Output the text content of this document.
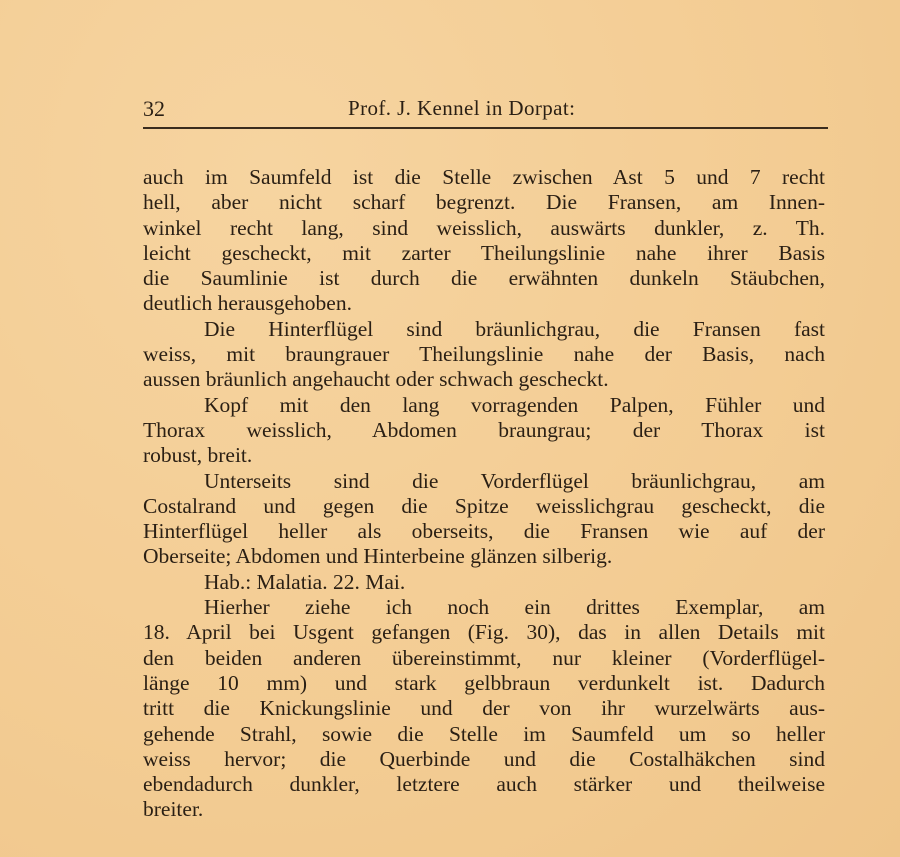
32	Prof. J. Kennel in Dorpat:
auch im Saumfeld ist die Stelle zwischen Ast 5 und 7 recht
hell, aber nicht scharf begrenzt. Die Fransen, am Innen-
winkel recht lang, sind weisslich, auswärts dunkler, z. Th.
leicht gescheckt, mit zarter Theilungslinie nahe ihrer Basis
die Saumlinie ist durch die erwähnten dunkeln Stäubchen,
deutlich herausgehoben.
Die Hinterflügel sind bräunlichgrau, die Fransen fast
weiss, mit braungrauer Theilungslinie nahe der Basis, nach
aussen bräunlich angehaucht oder schwach gescheckt.
Kopf mit den lang vorragenden Palpen, Fühler und
Thorax weisslich, Abdomen braungrau; der Thorax ist
robust, breit.
Unterseits sind die Vorderflügel bräunlichgrau, am
Costalrand und gegen die Spitze weisslichgrau gescheckt, die
Hinterflügel heller als oberseits, die Fransen wie auf der
Oberseite; Abdomen und Hinterbeine glänzen silberig.
Hab.: Malatia. 22. Mai.
Hierher ziehe ich noch ein drittes Exemplar, am
18. April bei Usgent gefangen (Fig. 30), das in allen Details mit
den beiden anderen übereinstimmt, nur kleiner (Vorderflügel-
länge 10 mm) und stark gelbbraun verdunkelt ist. Dadurch
tritt die Knickungslinie und der von ihr wurzelwärts aus-
gehende Strahl, sowie die Stelle im Saumfeld um so heller
weiss hervor; die Querbinde und die Costalhäkchen sind
ebendadurch dunkler, letztere auch stärker und theilweise
breiter.
